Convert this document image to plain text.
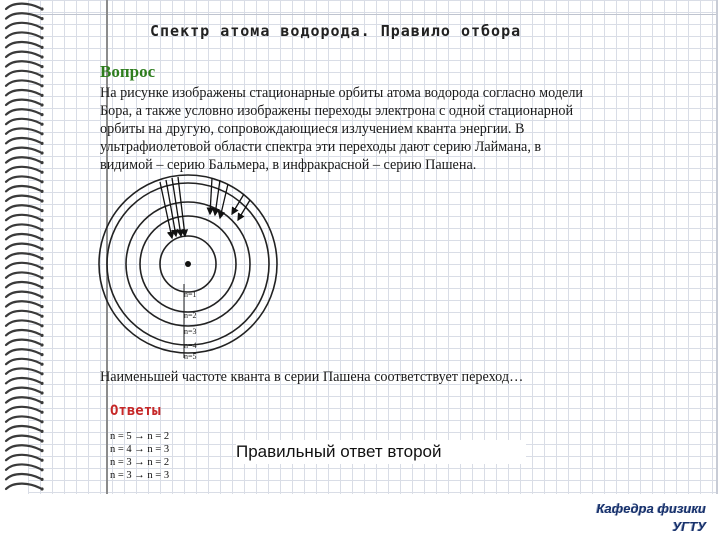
Спектр атома водорода. Правило отбора
Вопрос
На рисунке изображены стационарные орбиты атома водорода согласно модели
Бора, а также условно изображены переходы электрона с одной стационарной
орбиты на другую, сопровождающиеся излучением кванта энергии. В
ультрафиолетовой области спектра эти переходы дают серию Лаймана, в
видимой – серию Бальмера, в инфракрасной – серию Пашена.
n=1
n=2
n=3
n=4
n=5
Наименьшей частоте кванта в серии Пашена соответствует переход…
Ответы
n = 5 → n = 2
n = 4 → n = 3
n = 3 → n = 2
n = 3 → n = 3
Правильный ответ второй
Кафедра физики
УГТУ
